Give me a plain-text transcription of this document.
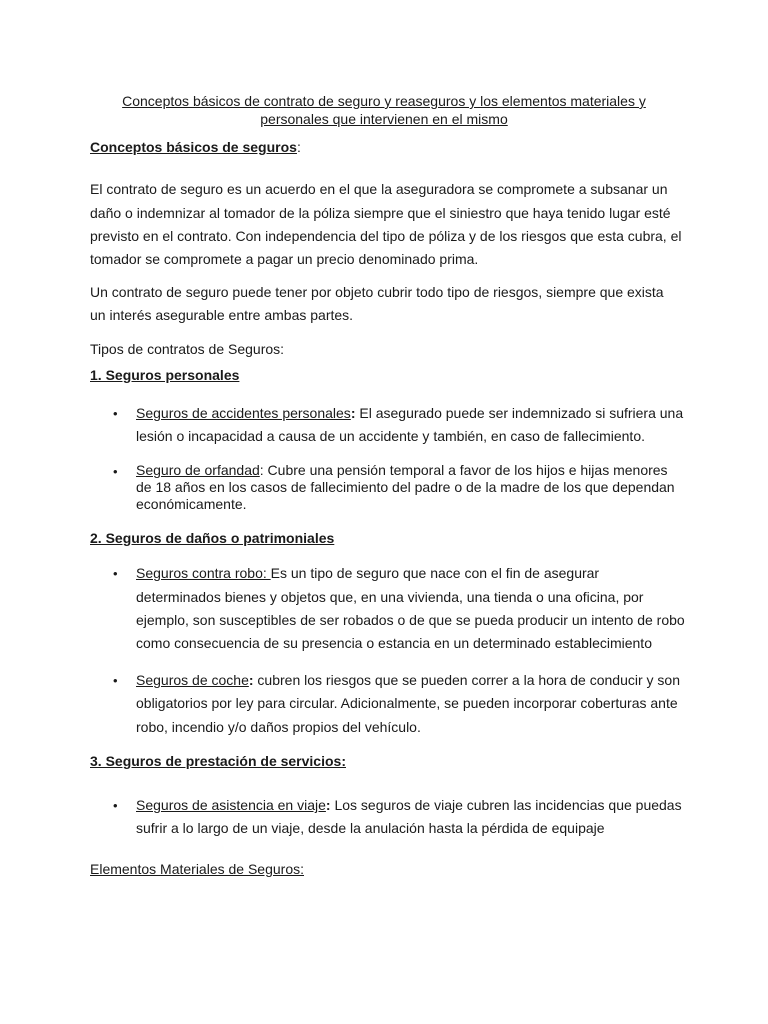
Conceptos básicos de contrato de seguro y reaseguros y los elementos materiales y
personales que intervienen en el mismo
Conceptos básicos de seguros:
El contrato de seguro es un acuerdo en el que la aseguradora se compromete a subsanar un
daño o indemnizar al tomador de la póliza siempre que el siniestro que haya tenido lugar esté
previsto en el contrato. Con independencia del tipo de póliza y de los riesgos que esta cubra, el
tomador se compromete a pagar un precio denominado prima.
Un contrato de seguro puede tener por objeto cubrir todo tipo de riesgos, siempre que exista
un interés asegurable entre ambas partes.
Tipos de contratos de Seguros:
1. Seguros personales
• Seguros de accidentes personales: El asegurado puede ser indemnizado si sufriera una
lesión o incapacidad a causa de un accidente y también, en caso de fallecimiento.
• Seguro de orfandad: Cubre una pensión temporal a favor de los hijos e hijas menores
de 18 años en los casos de fallecimiento del padre o de la madre de los que dependan
económicamente.
2. Seguros de daños o patrimoniales
• Seguros contra robo: Es un tipo de seguro que nace con el fin de asegurar
determinados bienes y objetos que, en una vivienda, una tienda o una oficina, por
ejemplo, son susceptibles de ser robados o de que se pueda producir un intento de robo
como consecuencia de su presencia o estancia en un determinado establecimiento
• Seguros de coche: cubren los riesgos que se pueden correr a la hora de conducir y son
obligatorios por ley para circular. Adicionalmente, se pueden incorporar coberturas ante
robo, incendio y/o daños propios del vehículo.
3. Seguros de prestación de servicios:
• Seguros de asistencia en viaje: Los seguros de viaje cubren las incidencias que puedas
sufrir a lo largo de un viaje, desde la anulación hasta la pérdida de equipaje
Elementos Materiales de Seguros:
